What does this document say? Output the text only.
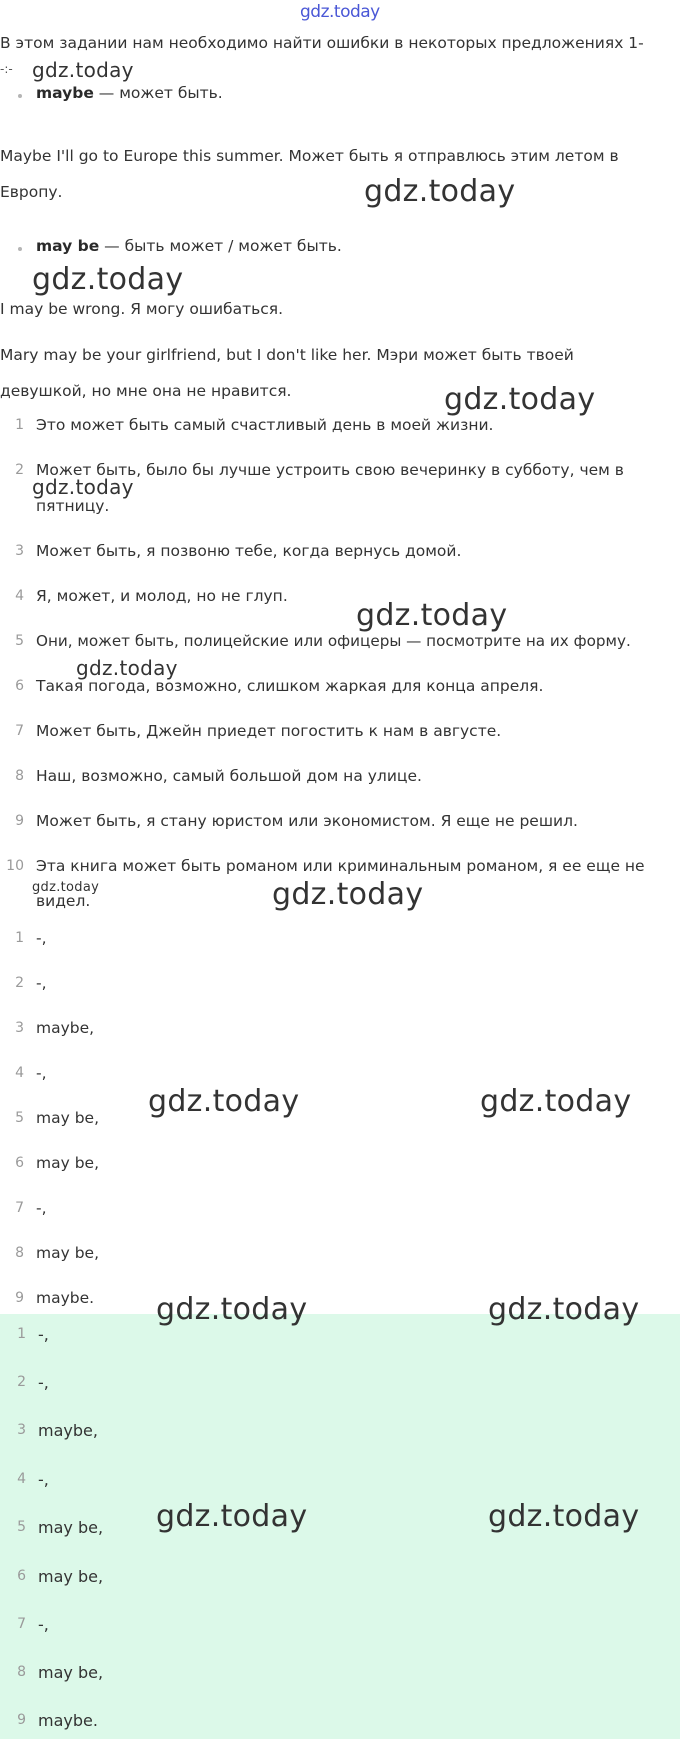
gdz.today
В этом задании нам необходимо найти ошибки в некоторых предложениях 1-
-:-
maybe — может быть.
Maybe I'll go to Europe this summer. Может быть я отправлюсь этим летом в
Европу.
may be — быть может / может быть.
I may be wrong. Я могу ошибаться.
Mary may be your girlfriend, but I don't like her. Мэри может быть твоей
девушкой, но мне она не нравится.
1 Это может быть самый счастливый день в моей жизни.
2 Может быть, было бы лучше устроить свою вечеринку в субботу, чем в
пятницу.
3 Может быть, я позвоню тебе, когда вернусь домой.
4 Я, может, и молод, но не глуп.
5 Они, может быть, полицейские или офицеры — посмотрите на их форму.
6 Такая погода, возможно, слишком жаркая для конца апреля.
7 Может быть, Джейн приедет погостить к нам в августе.
8 Наш, возможно, самый большой дом на улице.
9 Может быть, я стану юристом или экономистом. Я еще не решил.
10 Эта книга может быть романом или криминальным романом, я ее еще не
видел.
1 -,
2 -,
3 maybe,
4 -,
5 may be,
6 may be,
7 -,
8 may be,
9 maybe.
1 -,
2 -,
3 maybe,
4 -,
5 may be,
6 may be,
7 -,
8 may be,
9 maybe.
gdz.today
gdz.today
gdz.today
gdz.today
gdz.today
gdz.today
gdz.today
gdz.today	gdz.today
gdz.today	gdz.today
gdz.today	gdz.today
gdz.today	gdz.today
